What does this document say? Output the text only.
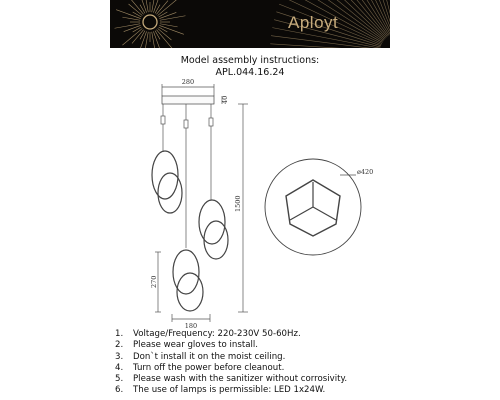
Aployt
Model assembly instructions:
APL.044.16.24
280
40
1500
270
180
ø420
1. Voltage/Frequency: 220-230V 50-60Hz.
2. Please wear gloves to install.
3. Don`t install it on the moist ceiling.
4. Turn off the power before cleanout.
5. Please wash with the sanitizer without corrosivity.
6. The use of lamps is permissible: LED 1x24W.
